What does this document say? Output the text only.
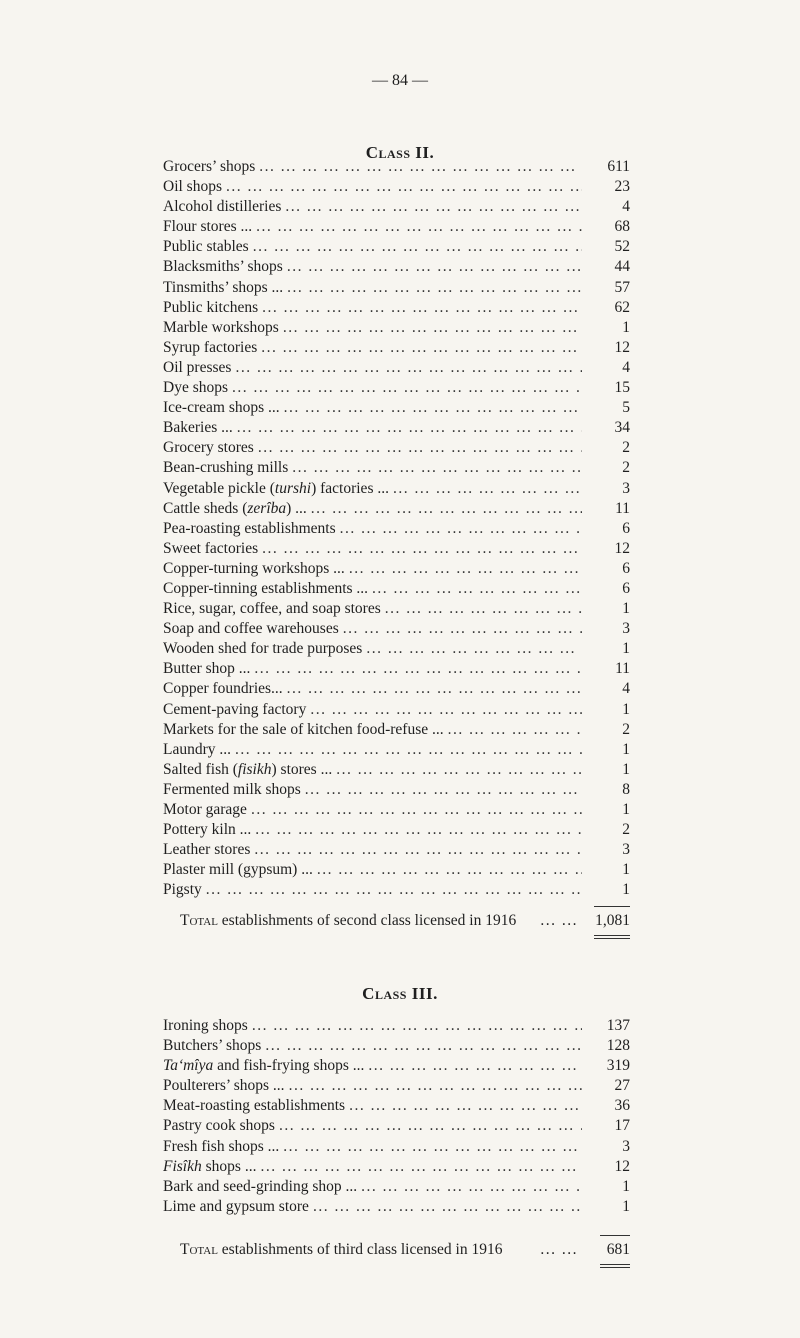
— 84 —
Class II.
Grocers’ shops ... .	611
Oil shops ... .	23
Alcohol distilleries ... .	4
Flour stores ... ... .	68
Public stables ... .	52
Blacksmiths’ shops ... .	44
Tinsmiths’ shops ... ... .	57
Public kitchens ... .	62
Marble workshops ... .	1
Syrup factories ... .	12
Oil presses ... .	4
Dye shops ... .	15
Ice-cream shops ... ... .	5
Bakeries ... ... .	34
Grocery stores ... .	2
Bean-crushing mills ... .	2
Vegetable pickle (turshi) factories ... ... .	3
Cattle sheds (zerîba) ... ... .	11
Pea-roasting establishments ... .	6
Sweet factories ... .	12
Copper-turning workshops ... ... .	6
Copper-tinning establishments ... ... .	6
Rice, sugar, coffee, and soap stores ... .	1
Soap and coffee warehouses ... .	3
Wooden shed for trade purposes ... .	1
Butter shop ... ... .	11
Copper foundries... ... .	4
Cement-paving factory ... .	1
Markets for the sale of kitchen food-refuse ... ... .	2
Laundry ... ... .	1
Salted fish (fisikh) stores ... ... .	1
Fermented milk shops ... .	8
Motor garage ... .	1
Pottery kiln ... ... .	2
Leather stores ... .	3
Plaster mill (gypsum) ... ... .	1
Pigsty ... .	1
Total establishments of second class licensed in 1916 ... ...	1,081
Class III.
Ironing shops ... .	137
Butchers’ shops ... .	128
Ta‘mîya and fish-frying shops ... ... .	319
Poulterers’ shops ... ... .	27
Meat-roasting establishments ... .	36
Pastry cook shops ... .	17
Fresh fish shops ... ... .	3
Fisîkh shops ... ... .	12
Bark and seed-grinding shop ... ... .	1
Lime and gypsum store ... .	1
Total establishments of third class licensed in 1916 ... ...	681
